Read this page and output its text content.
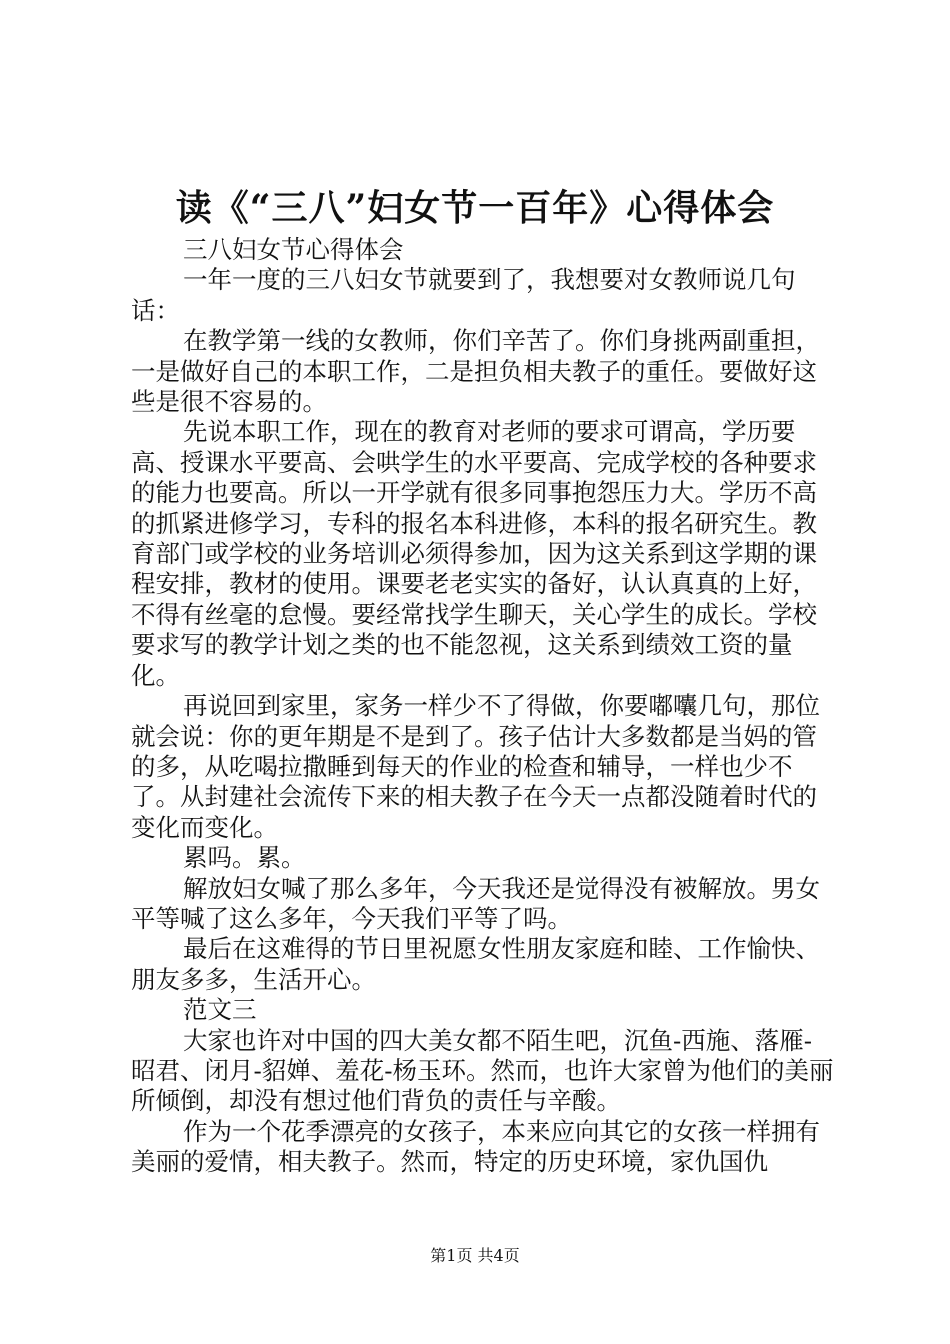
读《“三八”妇女节一百年》心得体会

三八妇女节心得体会

一年一度的三八妇女节就要到了，我想要对女教师说几句话：

在教学第一线的女教师，你们辛苦了。你们身挑两副重担，一是做好自己的本职工作，二是担负相夫教子的重任。要做好这些是很不容易的。

先说本职工作，现在的教育对老师的要求可谓高，学历要高、授课水平要高、会哄学生的水平要高、完成学校的各种要求的能力也要高。所以一开学就有很多同事抱怨压力大。学历不高的抓紧进修学习，专科的报名本科进修，本科的报名研究生。教育部门或学校的业务培训必须得参加，因为这关系到这学期的课程安排，教材的使用。课要老老实实的备好，认认真真的上好，不得有丝毫的怠慢。要经常找学生聊天，关心学生的成长。学校要求写的教学计划之类的也不能忽视，这关系到绩效工资的量化。

再说回到家里，家务一样少不了得做，你要嘟囔几句，那位就会说：你的更年期是不是到了。孩子估计大多数都是当妈的管的多，从吃喝拉撒睡到每天的作业的检查和辅导，一样也少不了。从封建社会流传下来的相夫教子在今天一点都没随着时代的变化而变化。

累吗。累。

解放妇女喊了那么多年，今天我还是觉得没有被解放。男女平等喊了这么多年，今天我们平等了吗。

最后在这难得的节日里祝愿女性朋友家庭和睦、工作愉快、朋友多多，生活开心。

范文三

大家也许对中国的四大美女都不陌生吧，沉鱼-西施、落雁-昭君、闭月-貂婵、羞花-杨玉环。然而，也许大家曾为他们的美丽所倾倒，却没有想过他们背负的责任与辛酸。

作为一个花季漂亮的女孩子，本来应向其它的女孩一样拥有美丽的爱情，相夫教子。然而，特定的历史环境，家仇国仇

第1页 共4页
